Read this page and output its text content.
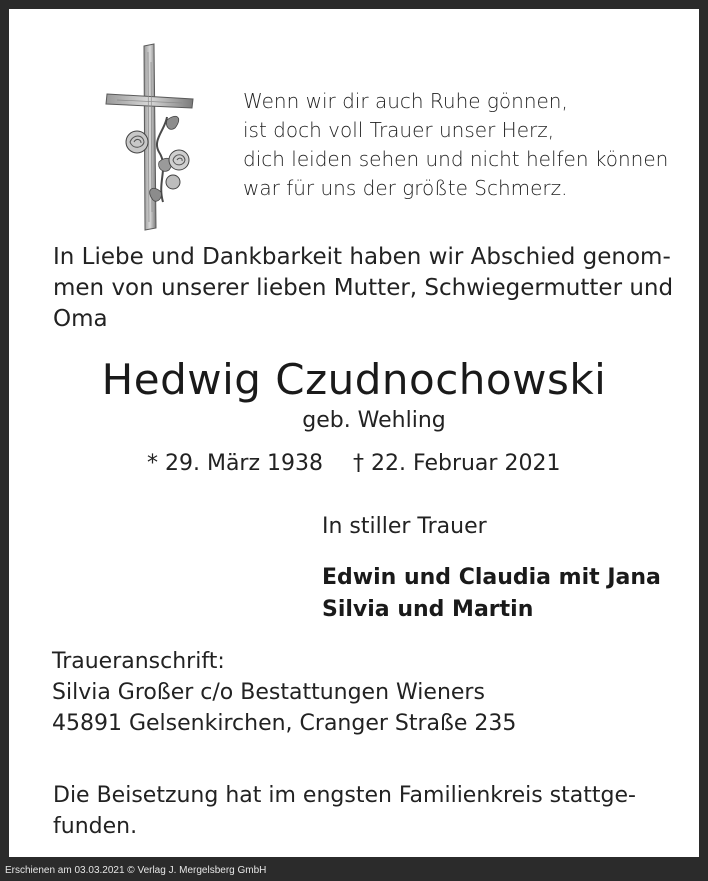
Wenn wir dir auch Ruhe gönnen,
ist doch voll Trauer unser Herz,
dich leiden sehen und nicht helfen können
war für uns der größte Schmerz.
In Liebe und Dankbarkeit haben wir Abschied genom-
men von unserer lieben Mutter, Schwiegermutter und
Oma
Hedwig Czudnochowski
geb. Wehling
* 29. März 1938 † 22. Februar 2021
In stiller Trauer
Edwin und Claudia mit Jana
Silvia und Martin
Traueranschrift:
Silvia Großer c/o Bestattungen Wieners
45891 Gelsenkirchen, Cranger Straße 235
Die Beisetzung hat im engsten Familienkreis stattge-
funden.
Erschienen am 03.03.2021 © Verlag J. Mergelsberg GmbH
